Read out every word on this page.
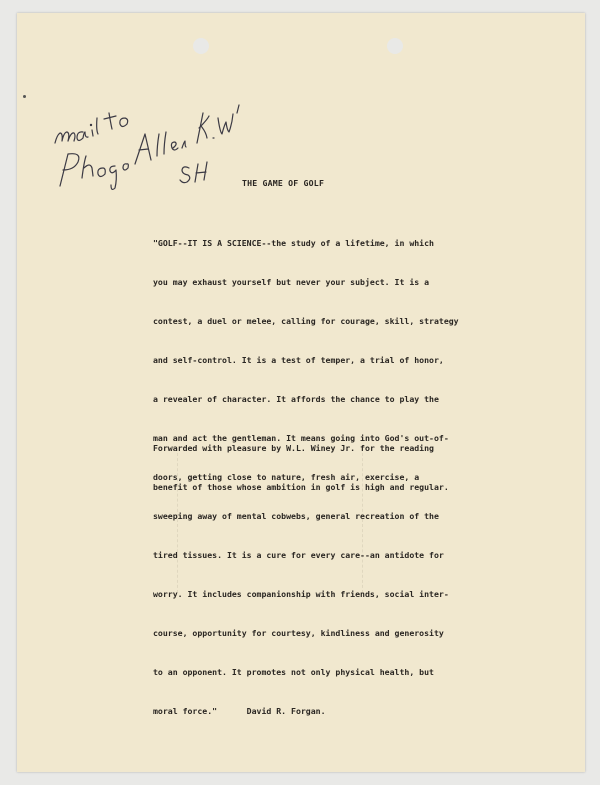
THE GAME OF GOLF

"GOLF--IT IS A SCIENCE--the study of a lifetime, in which

you may exhaust yourself but never your subject. It is a

contest, a duel or melee, calling for courage, skill, strategy

and self-control. It is a test of temper, a trial of honor,

a revealer of character. It affords the chance to play the

man and act the gentleman. It means going into God's out-of-

doors, getting close to nature, fresh air, exercise, a

sweeping away of mental cobwebs, general recreation of the

tired tissues. It is a cure for every care--an antidote for

worry. It includes companionship with friends, social inter-

course, opportunity for courtesy, kindliness and generosity

to an opponent. It promotes not only physical health, but

moral force."      David R. Forgan.

Forwarded with pleasure by W.L. Winey Jr. for the reading

benefit of those whose ambition in golf is high and regular.
